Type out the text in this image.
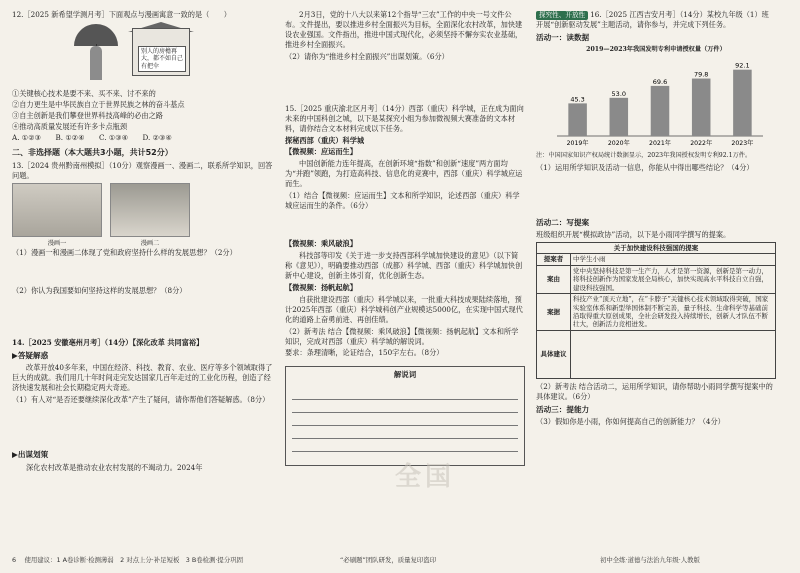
12.［2025 新希望学测月考］下面观点与漫画寓意一致的是（　　）

别人的房檐再大，都不如自己有把伞

①关键核心技术是要不来、买不来、讨不来的

②自力更生是中华民族自立于世界民族之林的奋斗基点

③自主创新是我们攀登世界科技高峰的必由之路

④推动高质量发展还有许多卡点瓶颈

A. ①②③　　B. ①②④　　C. ①③④　　D. ②③④

二、非选择题（本大题共3小题，共计52分）

13.［2024 贵州黔南州模拟］（10分）观察漫画一、漫画二，联系所学知识，回答问题。

漫画一	漫画二

（1）漫画一和漫画二体现了党和政府坚持什么样的发展思想？（2分）

（2）你认为我国要如何坚持这样的发展思想？（8分）

14.［2025 安徽亳州月考］（14分）【深化改革 共同富裕】

▶答疑解惑

改革开放40多年来，中国在经济、科技、教育、农业、医疗等多个领域取得了巨大的成就。我们用几十年时间走完发达国家几百年走过的工业化历程，创造了经济快速发展和社会长期稳定两大奇迹。

（1）有人对“是否还要继续深化改革”产生了疑问，请你帮他们答疑解惑。（8分）

▶出谋划策

深化农村改革是推动农业农村发展的不竭动力。2024年

2月3日，党的十八大以来第12个指导“三农”工作的中央一号文件公布。文件提出，要以推进乡村全面振兴为目标，全面深化农村改革，加快建设农业强国。文件指出，推进中国式现代化，必须坚持不懈夯实农业基础，推进乡村全面振兴。

（2）请你为“推进乡村全面振兴”出谋划策。（6分）

15.［2025 重庆渝北区月考］（14分）西部（重庆）科学城，正在成为面向未来的中国科创之城，以下是某探究小组为参加微视频大赛准备的文本材料，请你结合文本材料完成以下任务。

探秘西部（重庆）科学城

【微视频：应运而生】

中国创新能力连年提高，在创新环境“指数”和创新“速度”两方面均为“并跑”领跑，为打造高科技、信息化的竞赛中，西部（重庆）科学城应运而生。

（1）结合【微视频：应运而生】文本和所学知识，论述西部（重庆）科学城应运而生的条件。（6分）

【微视频：乘风破浪】

科技部等印发《关于进一步支持西部科学城加快建设的意见》（以下简称《意见》），明确要推动西部（成都）科学城、西部（重庆）科学城加快创新中心建设，创新主体引育，优化创新生态。

【微视频：扬帆起航】

自获批建设西部（重庆）科学城以来，一批重大科技成果陆续落地，预计2025年西部（重庆）科学城科创产业规模达5000亿，在实现中国式现代化的道路上奋勇前进、再创佳绩。

（2）新考法 结合【微视频：乘风破浪】【微视频：扬帆起航】文本和所学知识，完成对西部（重庆）科学城的解说词。

要求：条理清晰，论证结合，150字左右。（8分）

解说词

探究性、开放性 16.［2025 江西吉安月考］（14分）某校九年级（1）班开展“创新驱动发展”主题活动，请你参与，并完成下列任务。

活动一：读数据

2019—2023年我国发明专利申请授权量（万件）

45.3
2019年
53.0
2020年
69.6
2021年
79.8
2022年
92.1
2023年

注：中国国家知识产权局统计数据显示，2023年我国授权发明专利92.1万件。

（1）运用所学知识及活动一信息，你能从中得出哪些结论？（4分）

活动二：写提案

班级组织开展“模拟政协”活动，以下是小雨同学撰写的提案。

关于加快建设科技强国的提案	
提案者	中学生小雨
案由	党中央坚持科技是第一生产力，人才是第一资源，创新是第一动力，将科技创新作为国家发展全局核心，加快实现高水平科技自立自强，建设科技强国。
案据	科技产业“顶天立地”，在“卡脖子”关键核心技术领域取得突破，国家实验室体系和新型举国体制不断完善，量子科技、生命科学等基础前沿取得重大原创成果，全社会研发投入持续增长，创新人才队伍不断壮大，创新活力竞相迸发。
具体建议	

（2）新考法 结合活动二，运用所学知识，请你帮助小雨同学撰写提案中的具体建议。（6分）

活动三：提能力

（3）假如你是小雨，你如何提高自己的创新能力？（4分）

全国
6　 使用建议：1 A卷诊断·检测薄弱　2 对点上分·补足短板　3 B卷检测·提分巩固	“必刷题”团队研发，质量复印盗印	初中全练·道德与法治九年级·人教版
